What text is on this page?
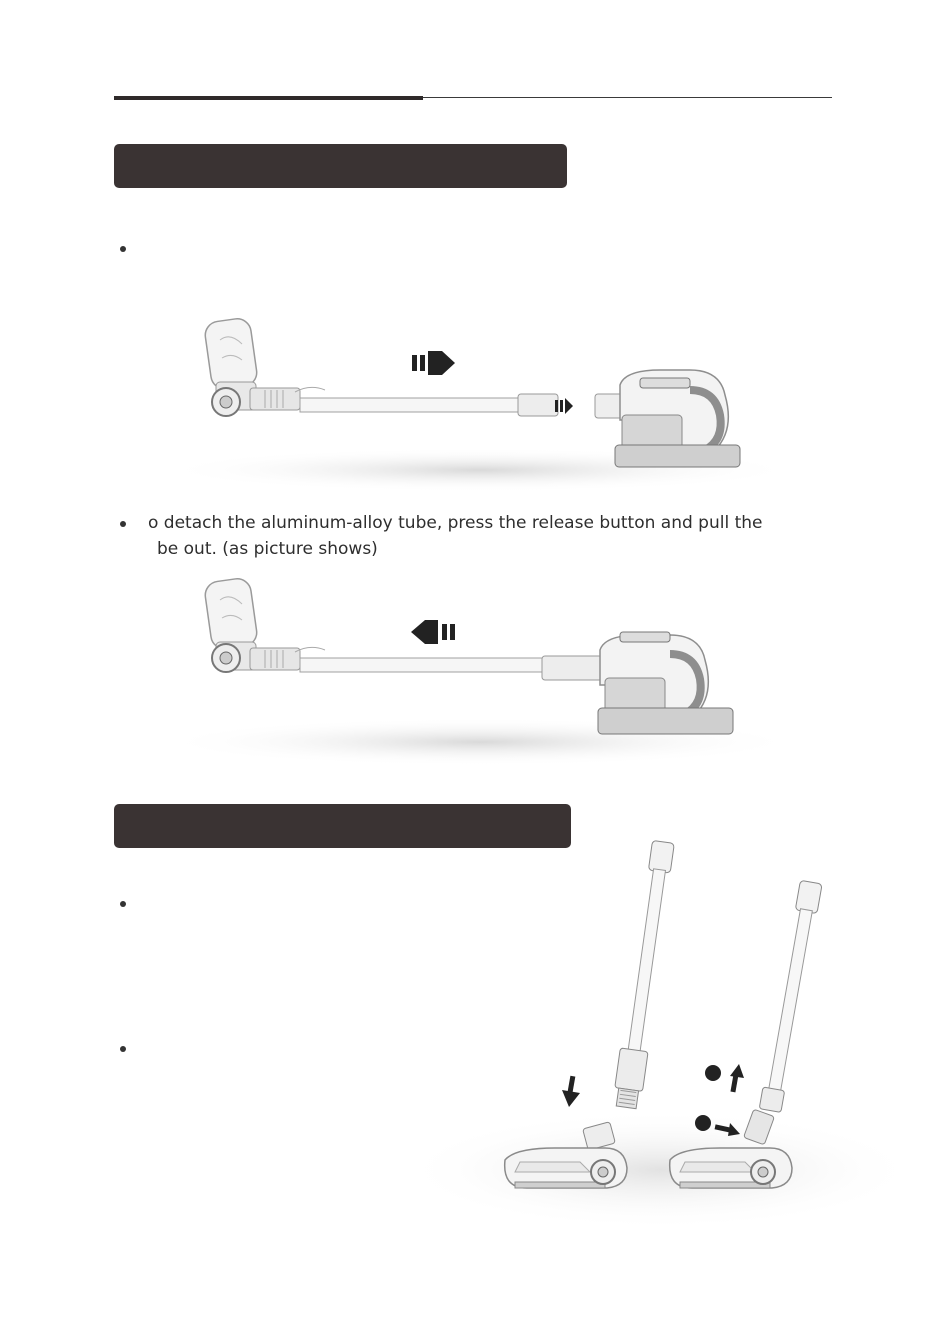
o detach the aluminum-alloy tube, press the release button and pull the
be out. (as picture shows)
